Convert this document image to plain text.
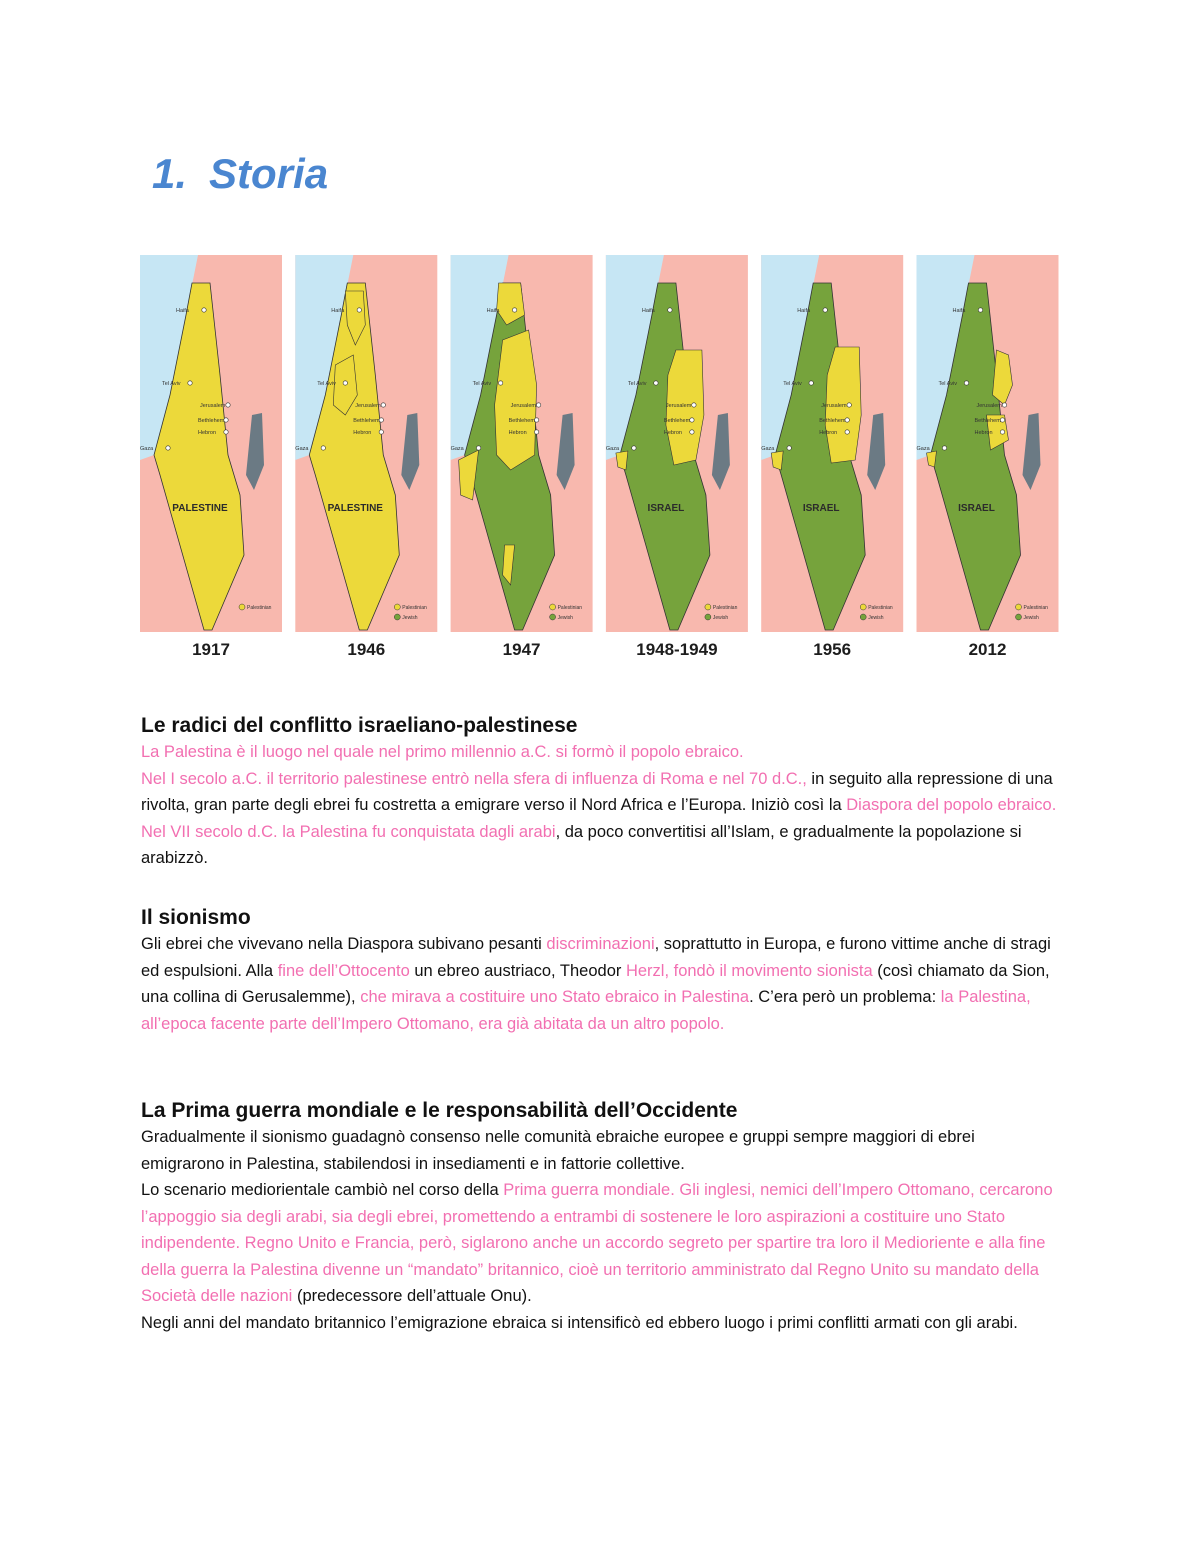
1. Storia
Haifa
Tel Aviv
Jerusalem
Bethlehem
Hebron
Gaza
PALESTINE
Palestinian
1917
Haifa
Tel Aviv
Jerusalem
Bethlehem
Hebron
Gaza
PALESTINE
Palestinian
Jewish
1946
Haifa
Tel Aviv
Jerusalem
Bethlehem
Hebron
Gaza
Palestinian
Jewish
1947
Haifa
Tel Aviv
Jerusalem
Bethlehem
Hebron
Gaza
ISRAEL
Palestinian
Jewish
1948-1949
Haifa
Tel Aviv
Jerusalem
Bethlehem
Hebron
Gaza
ISRAEL
Palestinian
Jewish
1956
Haifa
Tel Aviv
Jerusalem
Bethlehem
Hebron
Gaza
ISRAEL
Palestinian
Jewish
2012
Le radici del conflitto israeliano-palestinese

La Palestina è il luogo nel quale nel primo millennio a.C. si formò il popolo ebraico.

Nel I secolo a.C. il territorio palestinese entrò nella sfera di influenza di Roma e nel 70 d.C., in seguito alla repressione di una rivolta, gran parte degli ebrei fu costretta a emigrare verso il Nord Africa e l’Europa. Iniziò così la Diaspora del popolo ebraico. Nel VII secolo d.C. la Palestina fu conquistata dagli arabi, da poco convertitisi all’Islam, e gradualmente la popolazione si arabizzò.

Il sionismo

Gli ebrei che vivevano nella Diaspora subivano pesanti discriminazioni, soprattutto in Europa, e furono vittime anche di stragi ed espulsioni. Alla fine dell’Ottocento un ebreo austriaco, Theodor Herzl, fondò il movimento sionista (così chiamato da Sion, una collina di Gerusalemme), che mirava a costituire uno Stato ebraico in Palestina. C’era però un problema: la Palestina, all’epoca facente parte dell’Impero Ottomano, era già abitata da un altro popolo.

La Prima guerra mondiale e le responsabilità dell’Occidente

Gradualmente il sionismo guadagnò consenso nelle comunità ebraiche europee e gruppi sempre maggiori di ebrei emigrarono in Palestina, stabilendosi in insediamenti e in fattorie collettive.

Lo scenario mediorientale cambiò nel corso della Prima guerra mondiale. Gli inglesi, nemici dell’Impero Ottomano, cercarono l’appoggio sia degli arabi, sia degli ebrei, promettendo a entrambi di sostenere le loro aspirazioni a costituire uno Stato indipendente. Regno Unito e Francia, però, siglarono anche un accordo segreto per spartire tra loro il Medioriente e alla fine della guerra la Palestina divenne un “mandato” britannico, cioè un territorio amministrato dal Regno Unito su mandato della Società delle nazioni (predecessore dell’attuale Onu).

Negli anni del mandato britannico l’emigrazione ebraica si intensificò ed ebbero luogo i primi conflitti armati con gli arabi.
